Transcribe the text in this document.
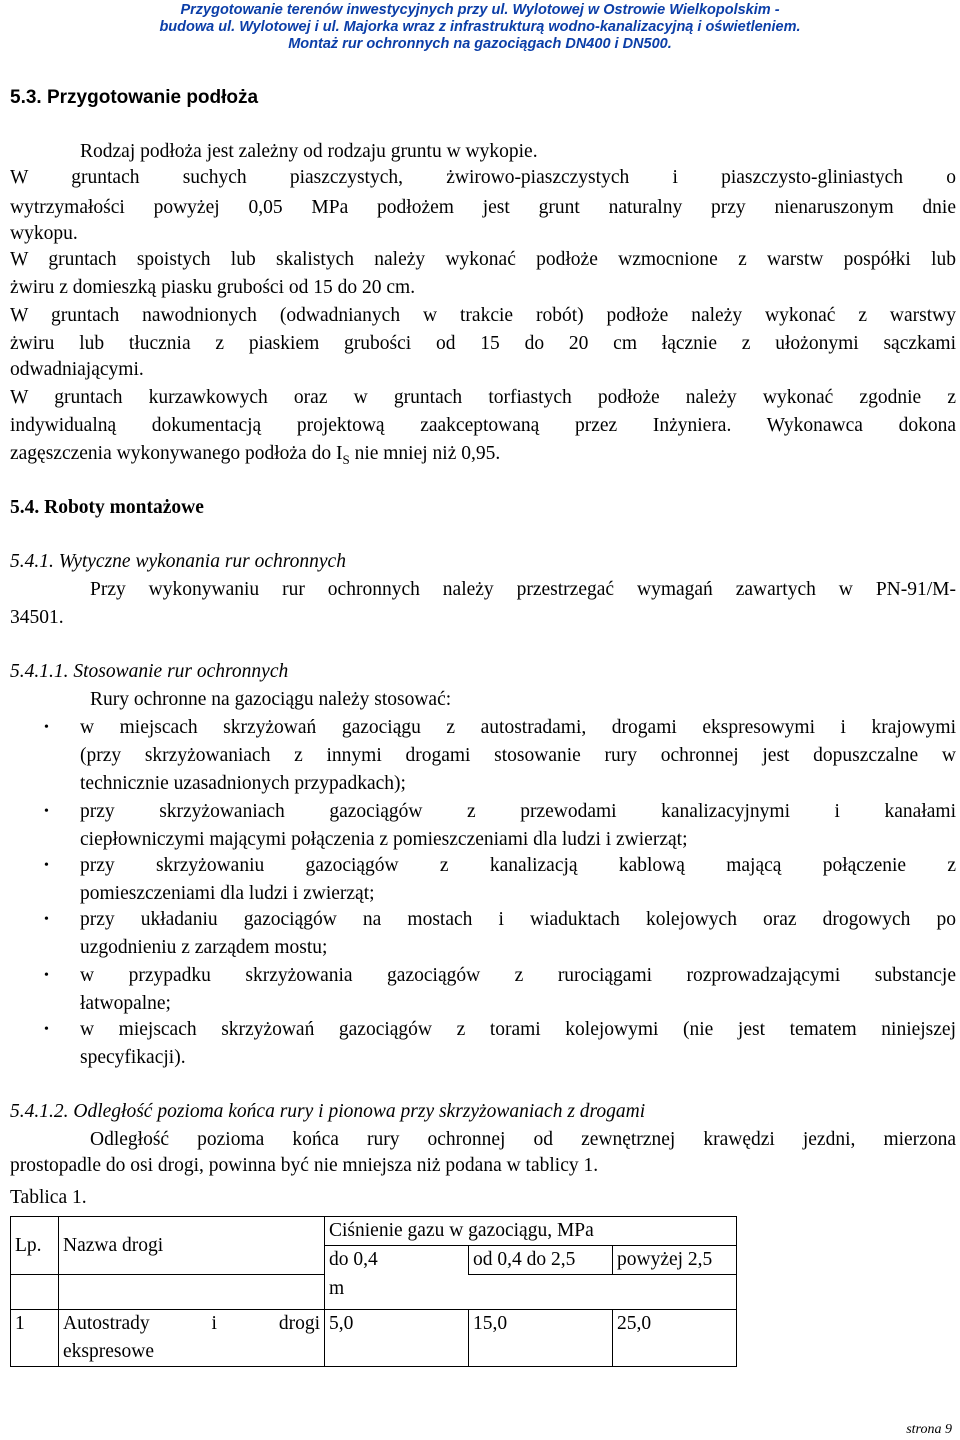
Przygotowanie terenów inwestycyjnych przy ul. Wylotowej w Ostrowie Wielkopolskim -
budowa ul. Wylotowej i ul. Majorka wraz z infrastrukturą wodno-kanalizacyjną i oświetleniem.
Montaż rur ochronnych na gazociągach DN400 i DN500.
5.3. Przygotowanie podłoża
Rodzaj podłoża jest zależny od rodzaju gruntu w wykopie.
W gruntach suchych piaszczystych, żwirowo-piaszczystych i piaszczysto-gliniastych o
wytrzymałości powyżej 0,05 MPa podłożem jest grunt naturalny przy nienaruszonym dnie
wykopu.
W gruntach spoistych lub skalistych należy wykonać podłoże wzmocnione z warstw pospółki lub
żwiru z domieszką piasku grubości od 15 do 20 cm.
W gruntach nawodnionych (odwadnianych w trakcie robót) podłoże należy wykonać z warstwy
żwiru lub tłucznia z piaskiem grubości od 15 do 20 cm łącznie z ułożonymi sączkami
odwadniającymi.
W gruntach kurzawkowych oraz w gruntach torfiastych podłoże należy wykonać zgodnie z
indywidualną dokumentacją projektową zaakceptowaną przez Inżyniera. Wykonawca dokona
zagęszczenia wykonywanego podłoża do $I_S$ nie mniej niż 0,95.
5.4. Roboty montażowe
5.4.1. Wytyczne wykonania rur ochronnych
Przy wykonywaniu rur ochronnych należy przestrzegać wymagań zawartych w PN-91/M-
34501.
5.4.1.1. Stosowanie rur ochronnych
Rury ochronne na gazociągu należy stosować:
• w miejscach skrzyżowań gazociągu z autostradami, drogami ekspresowymi i krajowymi
(przy skrzyżowaniach z innymi drogami stosowanie rury ochronnej jest dopuszczalne w
technicznie uzasadnionych przypadkach);
• przy skrzyżowaniach gazociągów z przewodami kanalizacyjnymi i kanałami
ciepłowniczymi mającymi połączenia z pomieszczeniami dla ludzi i zwierząt;
• przy skrzyżowaniu gazociągów z kanalizacją kablową mającą połączenie z
pomieszczeniami dla ludzi i zwierząt;
• przy układaniu gazociągów na mostach i wiaduktach kolejowych oraz drogowych po
uzgodnieniu z zarządem mostu;
• w przypadku skrzyżowania gazociągów z rurociągami rozprowadzającymi substancje
łatwopalne;
• w miejscach skrzyżowań gazociągów z torami kolejowymi (nie jest tematem niniejszej
specyfikacji).
5.4.1.2. Odległość pozioma końca rury i pionowa przy skrzyżowaniach z drogami
Odległość pozioma końca rury ochronnej od zewnętrznej krawędzi jezdni, mierzona
prostopadle do osi drogi, powinna być nie mniejsza niż podana w tablicy 1.
Tablica 1.
Lp.	Nazwa drogi	Ciśnienie gazu w gazociągu, MPa		
		do 0,4	od 0,4 do 2,5	powyżej 2,5
		m		
1	Autostrady i drogi
ekspresowe	5,0	15,0	25,0
strona 9
